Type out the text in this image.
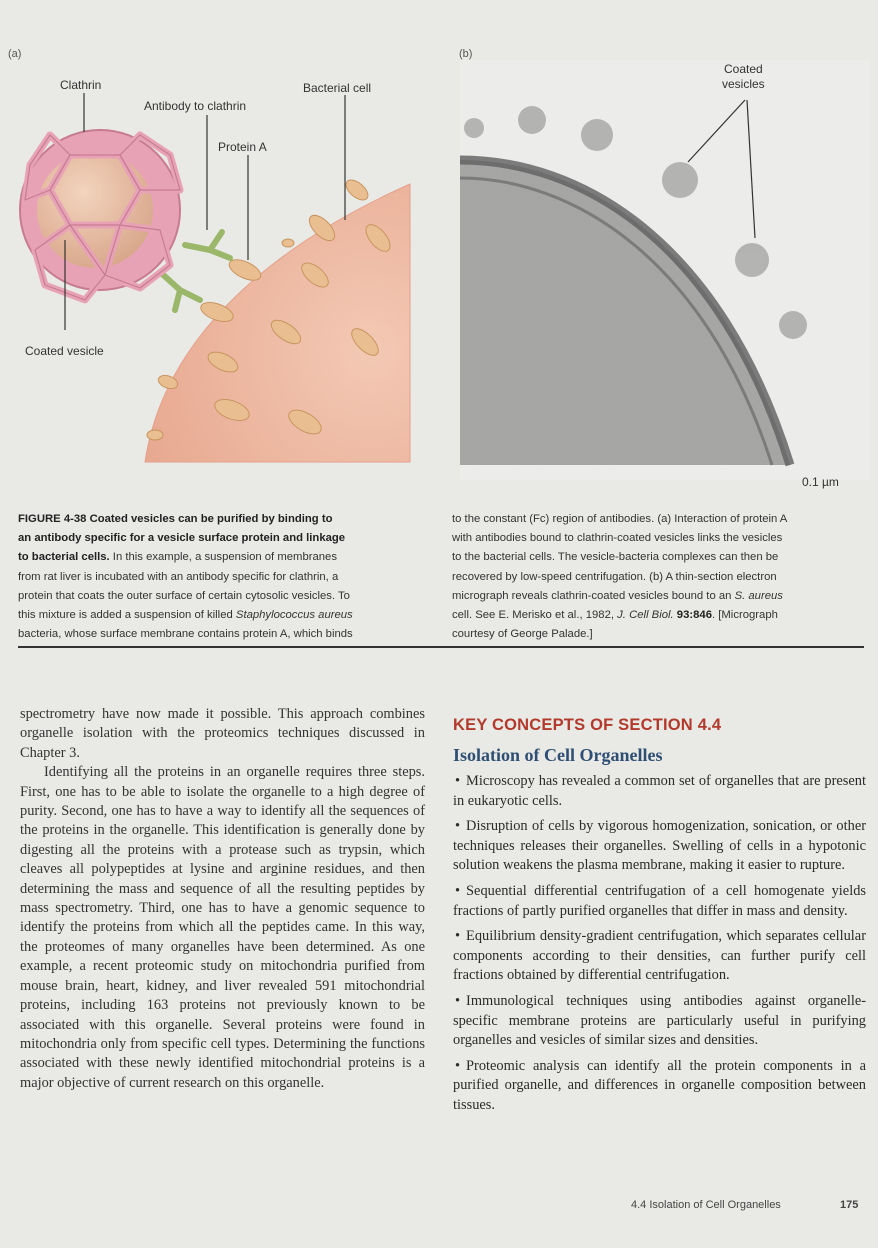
(a)	(b)
Clathrin
Antibody to clathrin
Protein A
Bacterial cell
Coated vesicle
Coated
vesicles
0.1 µm
FIGURE 4-38 Coated vesicles can be purified by binding to
an antibody specific for a vesicle surface protein and linkage
to bacterial cells. In this example, a suspension of membranes
from rat liver is incubated with an antibody specific for clathrin, a
protein that coats the outer surface of certain cytosolic vesicles. To
this mixture is added a suspension of killed Staphylococcus aureus
bacteria, whose surface membrane contains protein A, which binds
to the constant (Fc) region of antibodies. (a) Interaction of protein A
with antibodies bound to clathrin-coated vesicles links the vesicles
to the bacterial cells. The vesicle-bacteria complexes can then be
recovered by low-speed centrifugation. (b) A thin-section electron
micrograph reveals clathrin-coated vesicles bound to an S. aureus
cell. See E. Merisko et al., 1982, J. Cell Biol. 93:846. [Micrograph
courtesy of George Palade.]

spectrometry have now made it possible. This approach combines organelle isolation with the proteomics techniques discussed in Chapter 3.

Identifying all the proteins in an organelle requires three steps. First, one has to be able to isolate the organelle to a high degree of purity. Second, one has to have a way to identify all the sequences of the proteins in the organelle. This identification is generally done by digesting all the proteins with a protease such as trypsin, which cleaves all polypeptides at lysine and arginine residues, and then determining the mass and sequence of all the resulting peptides by mass spectrometry. Third, one has to have a genomic sequence to identify the proteins from which all the peptides came. In this way, the proteomes of many organelles have been determined. As one example, a recent proteomic study on mitochondria purified from mouse brain, heart, kidney, and liver revealed 591 mitochondrial proteins, including 163 proteins not previously known to be associated with this organelle. Several proteins were found in mitochondria only from specific cell types. Determining the functions associated with these newly identified mitochondrial proteins is a major objective of current research on this organelle.

KEY CONCEPTS OF SECTION 4.4
Isolation of Cell Organelles

• Microscopy has revealed a common set of organelles that are present in eukaryotic cells.

• Disruption of cells by vigorous homogenization, sonication, or other techniques releases their organelles. Swelling of cells in a hypotonic solution weakens the plasma membrane, making it easier to rupture.

• Sequential differential centrifugation of a cell homogenate yields fractions of partly purified organelles that differ in mass and density.

• Equilibrium density-gradient centrifugation, which separates cellular components according to their densities, can further purify cell fractions obtained by differential centrifugation.

• Immunological techniques using antibodies against organelle-specific membrane proteins are particularly useful in purifying organelles and vesicles of similar sizes and densities.

• Proteomic analysis can identify all the protein components in a purified organelle, and differences in organelle composition between tissues.

4.4 Isolation of Cell Organelles	175
